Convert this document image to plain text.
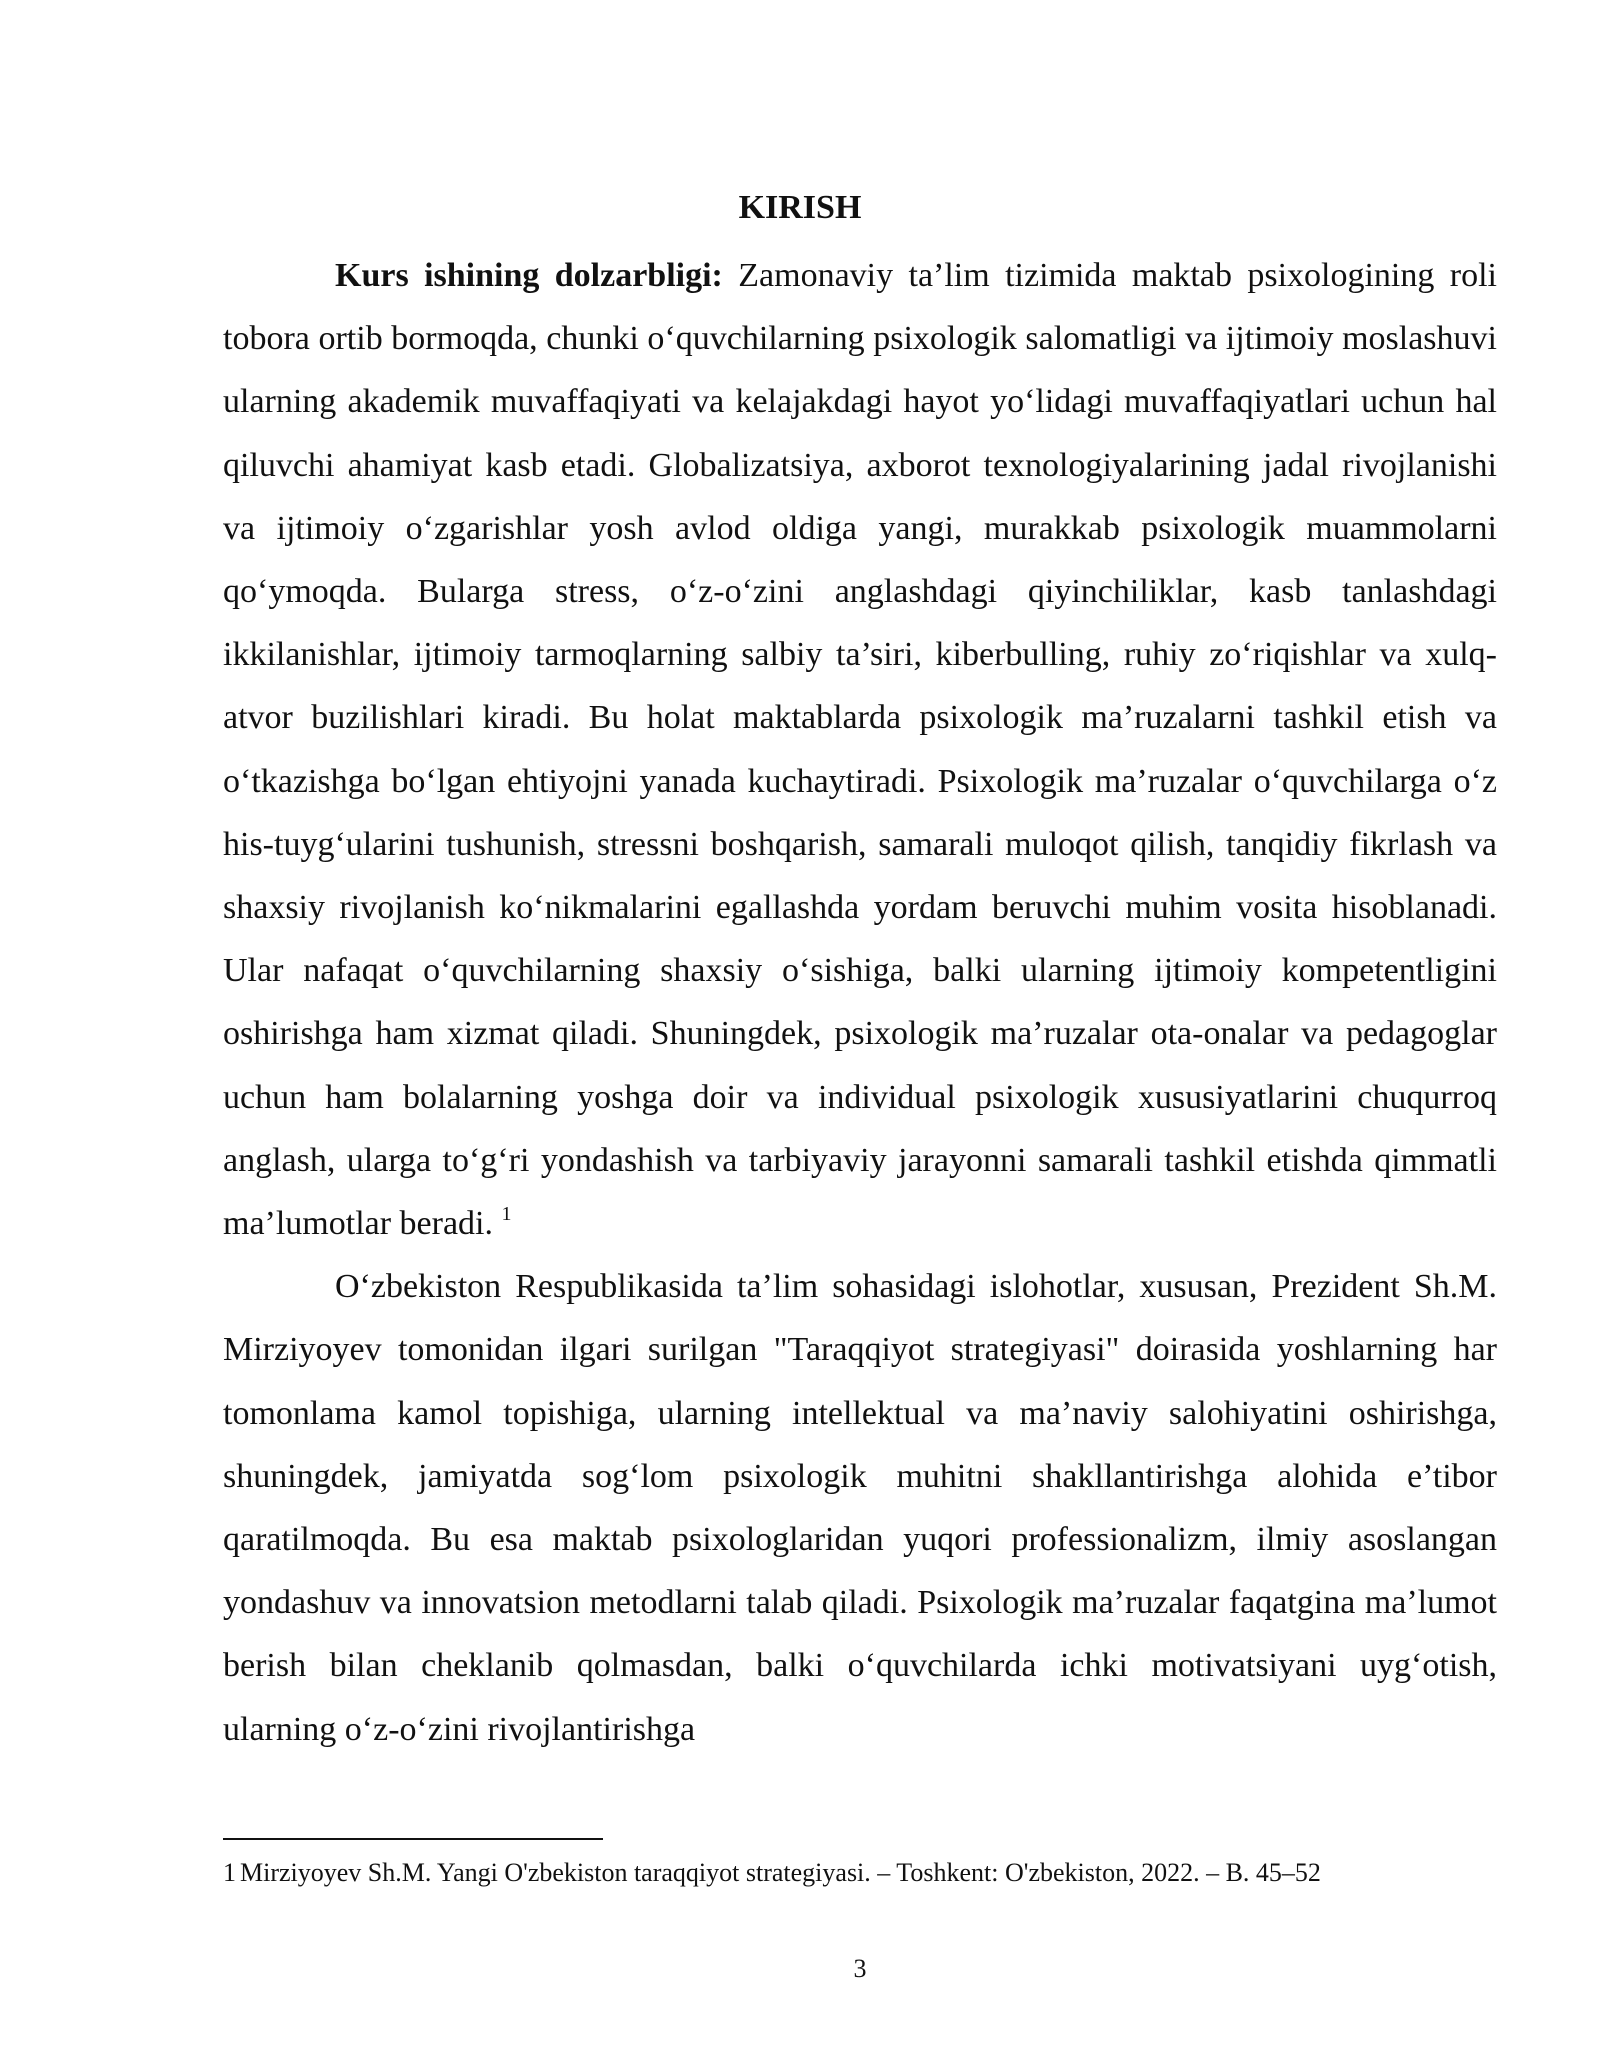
KIRISH

Kurs ishining dolzarbligi: Zamonaviy ta’lim tizimida maktab psixologining roli tobora ortib bormoqda, chunki o‘quvchilarning psixologik salomatligi va ijtimoiy moslashuvi ularning akademik muvaffaqiyati va kelajakdagi hayot yo‘lidagi muvaffaqiyatlari uchun hal qiluvchi ahamiyat kasb etadi. Globalizatsiya, axborot texnologiyalarining jadal rivojlanishi va ijtimoiy o‘zgarishlar yosh avlod oldiga yangi, murakkab psixologik muammolarni qo‘ymoqda. Bularga stress, o‘z-o‘zini anglashdagi qiyinchiliklar, kasb tanlashdagi ikkilanishlar, ijtimoiy tarmoqlarning salbiy ta’siri, kiberbulling, ruhiy zo‘riqishlar va xulq-atvor buzilishlari kiradi. Bu holat maktablarda psixologik ma’ruzalarni tashkil etish va o‘tkazishga bo‘lgan ehtiyojni yanada kuchaytiradi. Psixologik ma’ruzalar o‘quvchilarga o‘z his-tuyg‘ularini tushunish, stressni boshqarish, samarali muloqot qilish, tanqidiy fikrlash va shaxsiy rivojlanish ko‘nikmalarini egallashda yordam beruvchi muhim vosita hisoblanadi. Ular nafaqat o‘quvchilarning shaxsiy o‘sishiga, balki ularning ijtimoiy kompetentligini oshirishga ham xizmat qiladi. Shuningdek, psixologik ma’ruzalar ota-onalar va pedagoglar uchun ham bolalarning yoshga doir va individual psixologik xususiyatlarini chuqurroq anglash, ularga to‘g‘ri yondashish va tarbiyaviy jarayonni samarali tashkil etishda qimmatli ma’lumotlar beradi. $^1$

O‘zbekiston Respublikasida ta’lim sohasidagi islohotlar, xususan, Prezident Sh.M. Mirziyoyev tomonidan ilgari surilgan "Taraqqiyot strategiyasi" doirasida yoshlarning har tomonlama kamol topishiga, ularning intellektual va ma’naviy salohiyatini oshirishga, shuningdek, jamiyatda sog‘lom psixologik muhitni shakllantirishga alohida e’tibor qaratilmoqda. Bu esa maktab psixologlaridan yuqori professionalizm, ilmiy asoslangan yondashuv va innovatsion metodlarni talab qiladi. Psixologik ma’ruzalar faqatgina ma’lumot berish bilan cheklanib qolmasdan, balki o‘quvchilarda ichki motivatsiyani uyg‘otish, ularning o‘z-o‘zini rivojlantirishga

1 Mirziyoyev Sh.M. Yangi O'zbekiston taraqqiyot strategiyasi. – Toshkent: O'zbekiston, 2022. – B. 45–52

3
